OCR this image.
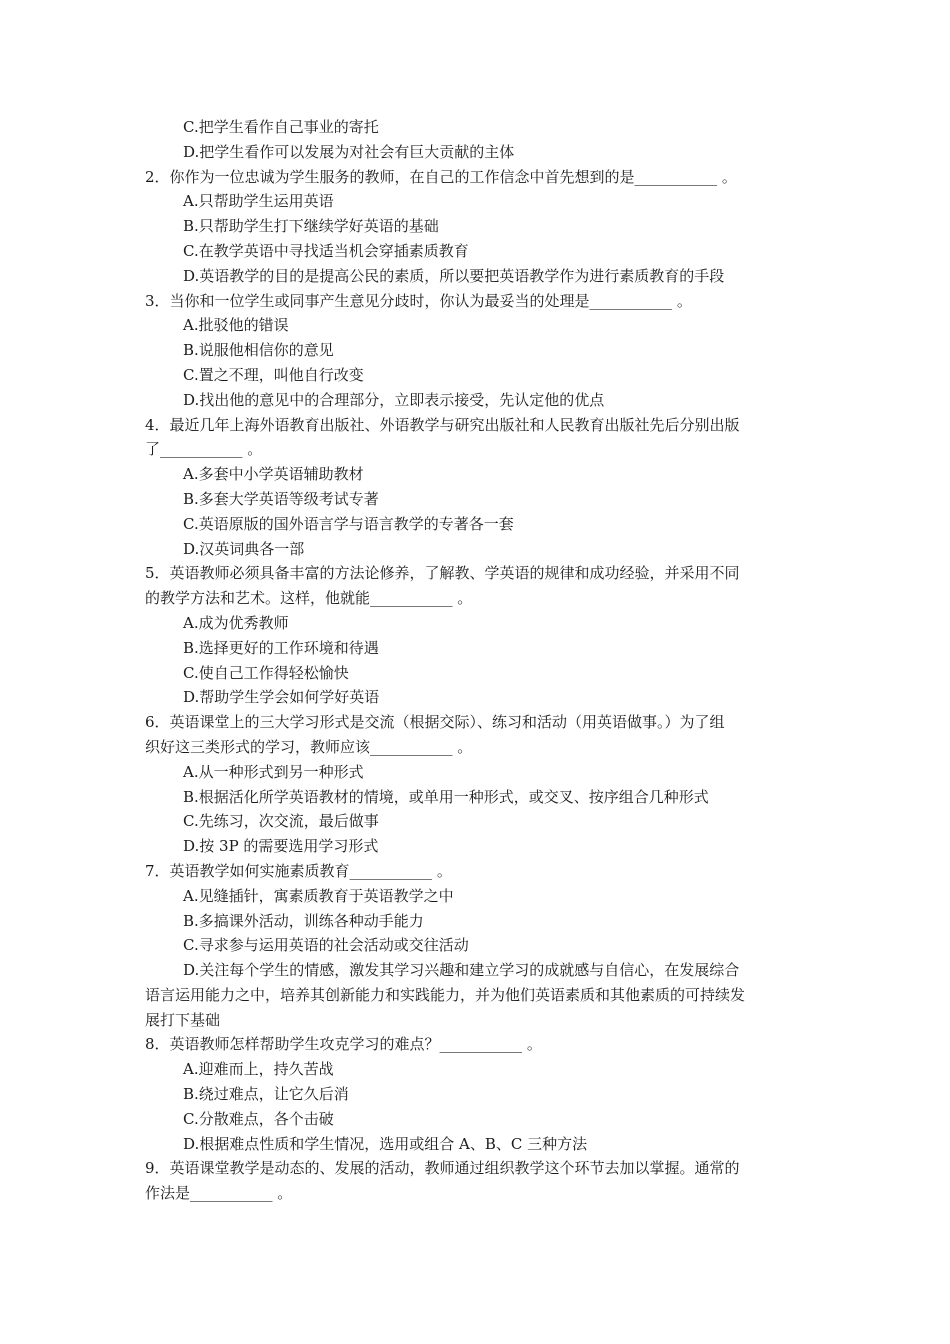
C.把学生看作自己事业的寄托
D.把学生看作可以发展为对社会有巨大贡献的主体
2．你作为一位忠诚为学生服务的教师，在自己的工作信念中首先想到的是___________ 。
A.只帮助学生运用英语
B.只帮助学生打下继续学好英语的基础
C.在教学英语中寻找适当机会穿插素质教育
D.英语教学的目的是提高公民的素质，所以要把英语教学作为进行素质教育的手段
3．当你和一位学生或同事产生意见分歧时，你认为最妥当的处理是___________ 。
A.批驳他的错误
B.说服他相信你的意见
C.置之不理，叫他自行改变
D.找出他的意见中的合理部分，立即表示接受，先认定他的优点
4．最近几年上海外语教育出版社、外语教学与研究出版社和人民教育出版社先后分别出版
了___________ 。
A.多套中小学英语辅助教材
B.多套大学英语等级考试专著
C.英语原版的国外语言学与语言教学的专著各一套
D.汉英词典各一部
5．英语教师必须具备丰富的方法论修养，了解教、学英语的规律和成功经验，并采用不同
的教学方法和艺术。这样，他就能___________ 。
A.成为优秀教师
B.选择更好的工作环境和待遇
C.使自己工作得轻松愉快
D.帮助学生学会如何学好英语
6．英语课堂上的三大学习形式是交流（根据交际）、练习和活动（用英语做事。）为了组
织好这三类形式的学习，教师应该___________ 。
A.从一种形式到另一种形式
B.根据活化所学英语教材的情境，或单用一种形式，或交叉、按序组合几种形式
C.先练习，次交流，最后做事
D.按 3P 的需要选用学习形式
7．英语教学如何实施素质教育___________ 。
A.见缝插针，寓素质教育于英语教学之中
B.多搞课外活动，训练各种动手能力
C.寻求参与运用英语的社会活动或交往活动
D.关注每个学生的情感，激发其学习兴趣和建立学习的成就感与自信心，在发展综合
语言运用能力之中，培养其创新能力和实践能力，并为他们英语素质和其他素质的可持续发
展打下基础
8．英语教师怎样帮助学生攻克学习的难点？___________ 。
A.迎难而上，持久苦战
B.绕过难点，让它久后消
C.分散难点，各个击破
D.根据难点性质和学生情况，选用或组合 A、B、C 三种方法
9．英语课堂教学是动态的、发展的活动，教师通过组织教学这个环节去加以掌握。通常的
作法是___________ 。
